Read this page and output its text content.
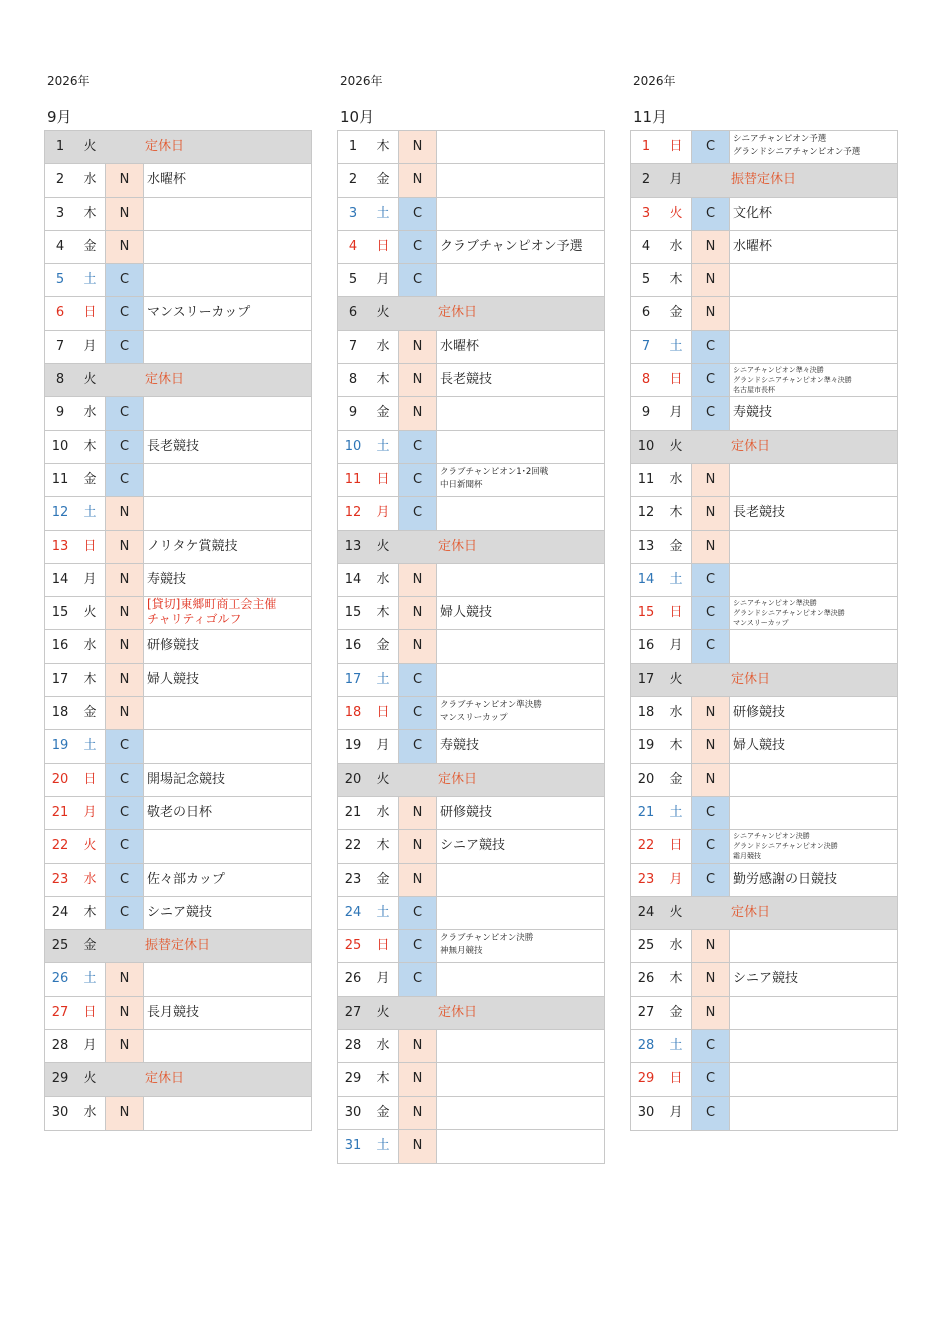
2026年
9月
1	火	定休日
2	水	N	水曜杯
3	木	N
4	金	N
5	土	C
6	日	C	マンスリーカップ
7	月	C
8	火	定休日
9	水	C
10	木	C	長老競技
11	金	C
12	土	N
13	日	N	ノリタケ賞競技
14	月	N	寿競技
15	火	N
[貸切]東郷町商工会主催
チャリティゴルフ
16	水	N	研修競技
17	木	N	婦人競技
18	金	N
19	土	C
20	日	C	開場記念競技
21	月	C	敬老の日杯
22	火	C
23	水	C	佐々部カップ
24	木	C	シニア競技
25	金	振替定休日
26	土	N
27	日	N	長月競技
28	月	N
29	火	定休日
30	水	N
2026年
10月
1	木	N
2	金	N
3	土	C
4	日	C	クラブチャンピオン予選
5	月	C
6	火	定休日
7	水	N	水曜杯
8	木	N	長老競技
9	金	N
10	土	C
11	日	C	クラブチャンピオン1･2回戦
中日新聞杯
12	月	C
13	火	定休日
14	水	N
15	木	N	婦人競技
16	金	N
17	土	C
18	日	C	クラブチャンピオン準決勝
マンスリーカップ
19	月	C	寿競技
20	火	定休日
21	水	N	研修競技
22	木	N	シニア競技
23	金	N
24	土	C
25	日	C	クラブチャンピオン決勝
神無月競技
26	月	C
27	火	定休日
28	水	N
29	木	N
30	金	N
31	土	N
2026年
11月
1	日	C	シニアチャンピオン予選
グランドシニアチャンピオン予選
2	月	振替定休日
3	火	C	文化杯
4	水	N	水曜杯
5	木	N
6	金	N
7	土	C
8	日	C
シニアチャンピオン準々決勝
グランドシニアチャンピオン準々決勝
名古屋市長杯
9	月	C	寿競技
10	火	定休日
11	水	N
12	木	N	長老競技
13	金	N
14	土	C
15	日	C
シニアチャンピオン準決勝
グランドシニアチャンピオン準決勝
マンスリーカップ
16	月	C
17	火	定休日
18	水	N	研修競技
19	木	N	婦人競技
20	金	N
21	土	C
22	日	C
シニアチャンピオン決勝
グランドシニアチャンピオン決勝
霜月競技
23	月	C	勤労感謝の日競技
24	火	定休日
25	水	N
26	木	N	シニア競技
27	金	N
28	土	C
29	日	C
30	月	C
